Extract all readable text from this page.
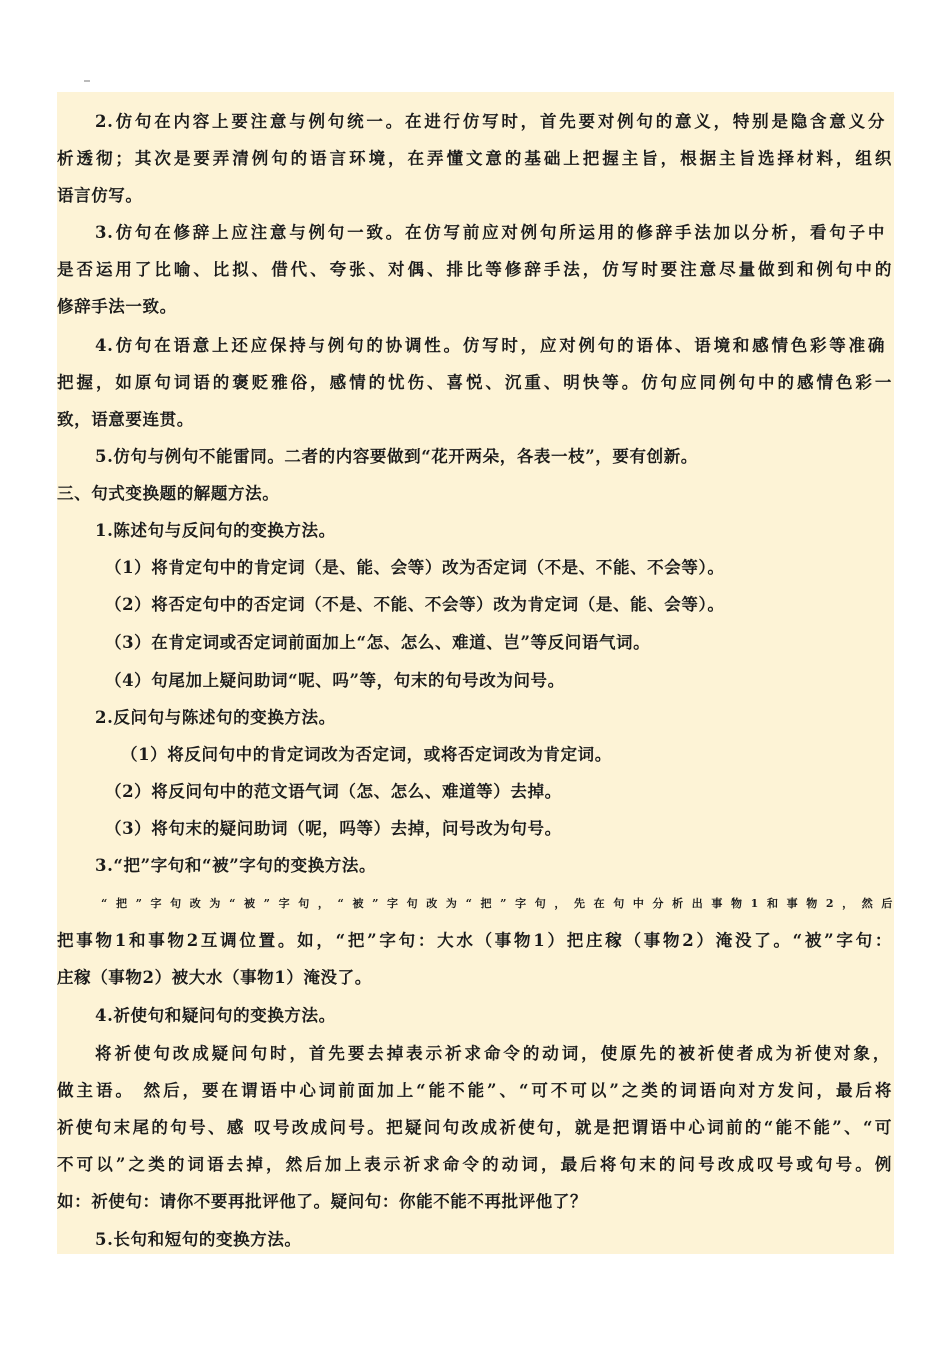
2.仿句在内容上要注意与例句统一。在进行仿写时，首先要对例句的意义，特别是隐含意义分
析透彻；其次是要弄清例句的语言环境，在弄懂文意的基础上把握主旨，根据主旨选择材料，组织
语言仿写。
3.仿句在修辞上应注意与例句一致。在仿写前应对例句所运用的修辞手法加以分析，看句子中
是否运用了比喻、比拟、借代、夸张、对偶、排比等修辞手法，仿写时要注意尽量做到和例句中的
修辞手法一致。
4.仿句在语意上还应保持与例句的协调性。仿写时，应对例句的语体、语境和感情色彩等准确
把握，如原句词语的褒贬雅俗，感情的忧伤、喜悦、沉重、明快等。仿句应同例句中的感情色彩一
致，语意要连贯。
5.仿句与例句不能雷同。二者的内容要做到“花开两朵，各表一枝”，要有创新。
三、句式变换题的解题方法。
1.陈述句与反问句的变换方法。
（1）将肯定句中的肯定词（是、能、会等）改为否定词（不是、不能、不会等）。
（2）将否定句中的否定词（不是、不能、不会等）改为肯定词（是、能、会等）。
（3）在肯定词或否定词前面加上“怎、怎么、难道、岂”等反问语气词。
（4）句尾加上疑问助词“呢、吗”等，句末的句号改为问号。
2.反问句与陈述句的变换方法。
（1）将反问句中的肯定词改为否定词，或将否定词改为肯定词。
（2）将反问句中的范文语气词（怎、怎么、难道等）去掉。
（3）将句末的疑问助词（呢，吗等）去掉，问号改为句号。
3.“把”字句和“被”字句的变换方法。
“把”字句改为“被”字句，“被”字句改为“把”字句，先在句中分析出事物1和事物2，然后
把事物1和事物2互调位置。如，“把”字句：大水（事物1）把庄稼（事物2）淹没了。“被”字句：
庄稼（事物2）被大水（事物1）淹没了。
4.祈使句和疑问句的变换方法。
将祈使句改成疑问句时，首先要去掉表示祈求命令的动词，使原先的被祈使者成为祈使对象，
做主语。 然后，要在谓语中心词前面加上“能不能”、“可不可以”之类的词语向对方发问，最后将
祈使句末尾的句号、感 叹号改成问号。把疑问句改成祈使句，就是把谓语中心词前的“能不能”、“可
不可以”之类的词语去掉，然后加上表示祈求命令的动词，最后将句末的问号改成叹号或句号。例
如：祈使句：请你不要再批评他了。疑问句：你能不能不再批评他了？
5.长句和短句的变换方法。
